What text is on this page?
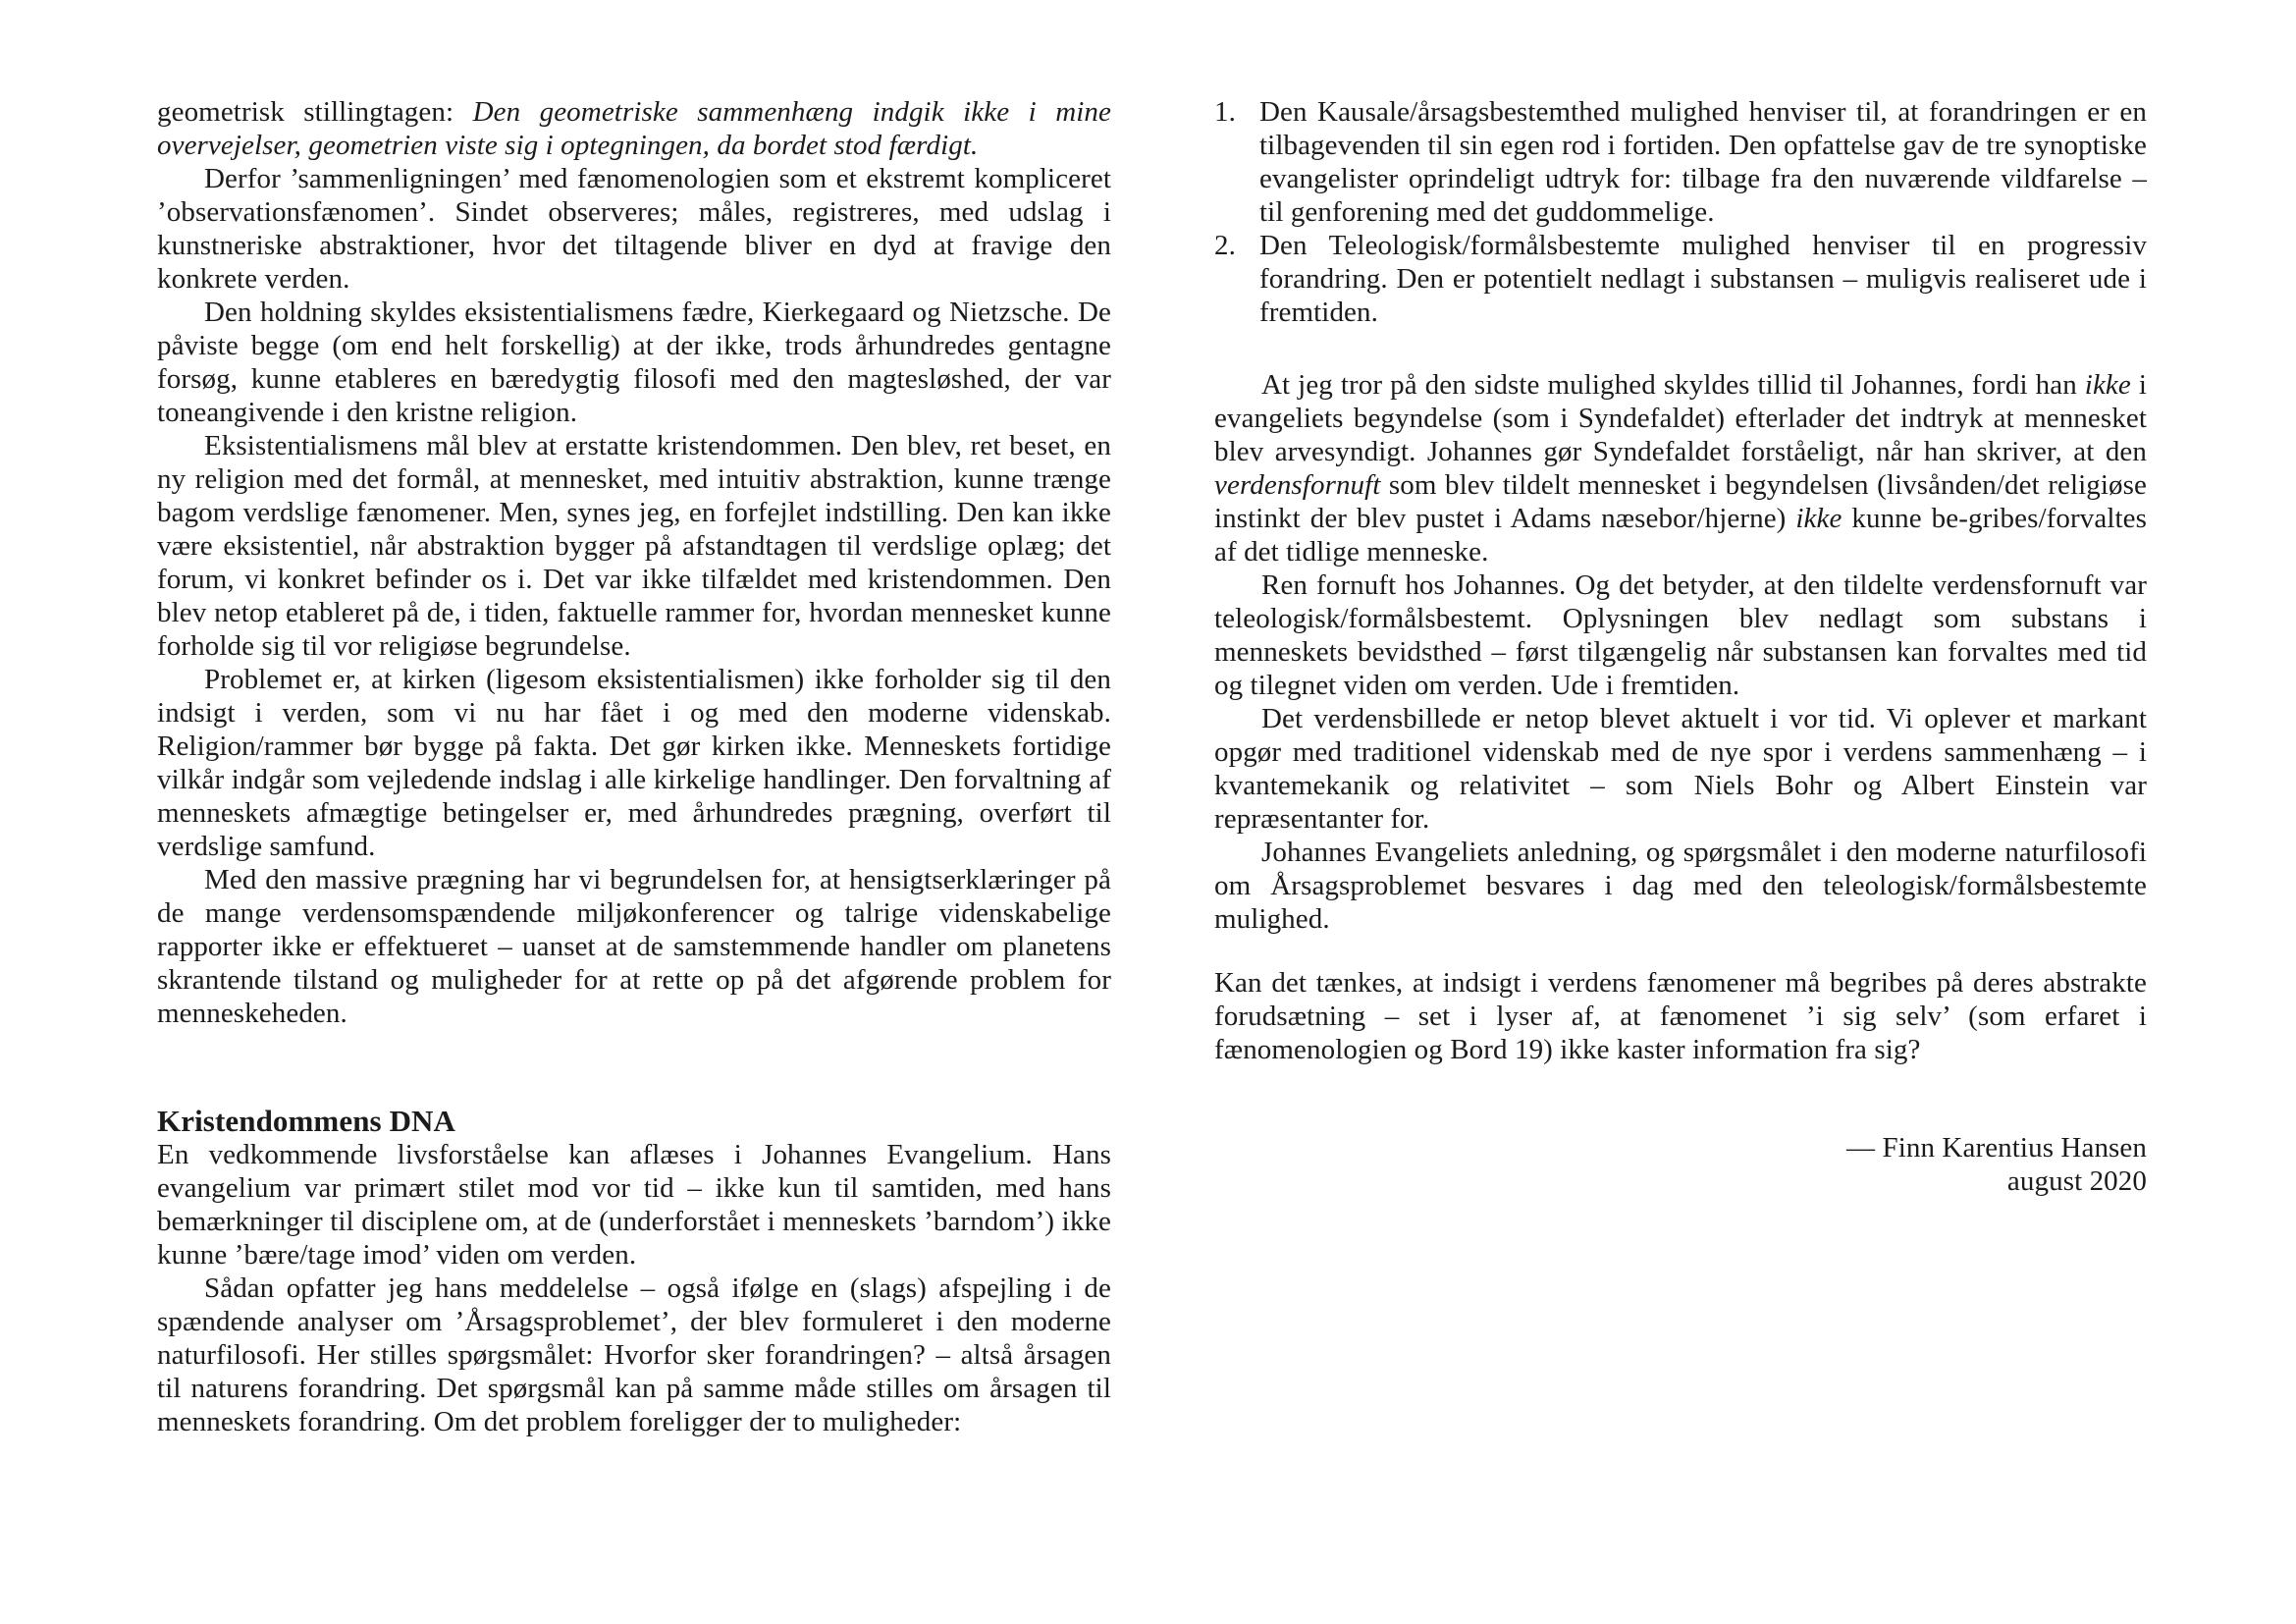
geometrisk stillingtagen: Den geometriske sammenhæng indgik ikke i mine overvejelser, geometrien viste sig i optegningen, da bordet stod færdigt.

Derfor ’sammenligningen’ med fænomenologien som et ekstremt kompliceret ’observationsfænomen’. Sindet observeres; måles, registreres, med udslag i kunstneriske abstraktioner, hvor det tiltagende bliver en dyd at fravige den konkrete verden.

Den holdning skyldes eksistentialismens fædre, Kierkegaard og Nietzsche. De påviste begge (om end helt forskellig) at der ikke, trods århundredes gentagne forsøg, kunne etableres en bæredygtig filosofi med den magtesløshed, der var toneangivende i den kristne religion.

Eksistentialismens mål blev at erstatte kristendommen. Den blev, ret beset, en ny religion med det formål, at mennesket, med intuitiv abstraktion, kunne trænge bagom verdslige fænomener. Men, synes jeg, en forfejlet indstilling. Den kan ikke være eksistentiel, når abstraktion bygger på afstandtagen til verdslige oplæg; det forum, vi konkret befinder os i. Det var ikke tilfældet med kristendommen. Den blev netop etableret på de, i tiden, faktuelle rammer for, hvordan mennesket kunne forholde sig til vor religiøse begrundelse.

Problemet er, at kirken (ligesom eksistentialismen) ikke forholder sig til den indsigt i verden, som vi nu har fået i og med den moderne videnskab. Religion/rammer bør bygge på fakta. Det gør kirken ikke. Menneskets fortidige vilkår indgår som vejledende indslag i alle kirkelige handlinger. Den forvaltning af menneskets afmægtige betingelser er, med århundredes prægning, overført til verdslige samfund.

Med den massive prægning har vi begrundelsen for, at hensigtserklæringer på de mange verdensomspændende miljøkonferencer og talrige videnskabelige rapporter ikke er effektueret – uanset at de samstemmende handler om planetens skrantende tilstand og muligheder for at rette op på det afgørende problem for menneskeheden.

Kristendommens DNA

En vedkommende livsforståelse kan aflæses i Johannes Evangelium. Hans evangelium var primært stilet mod vor tid – ikke kun til samtiden, med hans bemærkninger til disciplene om, at de (underforstået i menneskets ’barndom’) ikke kunne ’bære/tage imod’ viden om verden.

Sådan opfatter jeg hans meddelelse – også ifølge en (slags) afspejling i de spændende analyser om ’Årsagsproblemet’, der blev formuleret i den moderne naturfilosofi. Her stilles spørgsmålet: Hvorfor sker forandringen? – altså årsagen til naturens forandring. Det spørgsmål kan på samme måde stilles om årsagen til menneskets forandring. Om det problem foreligger der to muligheder:

1. Den Kausale/årsagsbestemthed mulighed henviser til, at forandringen er en tilbagevenden til sin egen rod i fortiden. Den opfattelse gav de tre synoptiske evangelister oprindeligt udtryk for: tilbage fra den nuværende vildfarelse – til genforening med det guddommelige.
2. Den Teleologisk/formålsbestemte mulighed henviser til en progressiv forandring. Den er potentielt nedlagt i substansen – muligvis realiseret ude i fremtiden.

At jeg tror på den sidste mulighed skyldes tillid til Johannes, fordi han ikke i evangeliets begyndelse (som i Syndefaldet) efterlader det indtryk at mennesket blev arvesyndigt. Johannes gør Syndefaldet forståeligt, når han skriver, at den verdensfornuft som blev tildelt mennesket i begyndelsen (livsånden/det religiøse instinkt der blev pustet i Adams næsebor/hjerne) ikke kunne be-gribes/forvaltes af det tidlige menneske.

Ren fornuft hos Johannes. Og det betyder, at den tildelte verdensfornuft var teleologisk/formålsbestemt. Oplysningen blev nedlagt som substans i menneskets bevidsthed – først tilgængelig når substansen kan forvaltes med tid og tilegnet viden om verden. Ude i fremtiden.

Det verdensbillede er netop blevet aktuelt i vor tid. Vi oplever et markant opgør med traditionel videnskab med de nye spor i verdens sammenhæng – i kvantemekanik og relativitet – som Niels Bohr og Albert Einstein var repræsentanter for.

Johannes Evangeliets anledning, og spørgsmålet i den moderne naturfilosofi om Årsagsproblemet besvares i dag med den teleologisk/formålsbestemte mulighed.

Kan det tænkes, at indsigt i verdens fænomener må begribes på deres abstrakte forudsætning – set i lyser af, at fænomenet ’i sig selv’ (som erfaret i fænomenologien og Bord 19) ikke kaster information fra sig?

— Finn Karentius Hansen
august 2020
